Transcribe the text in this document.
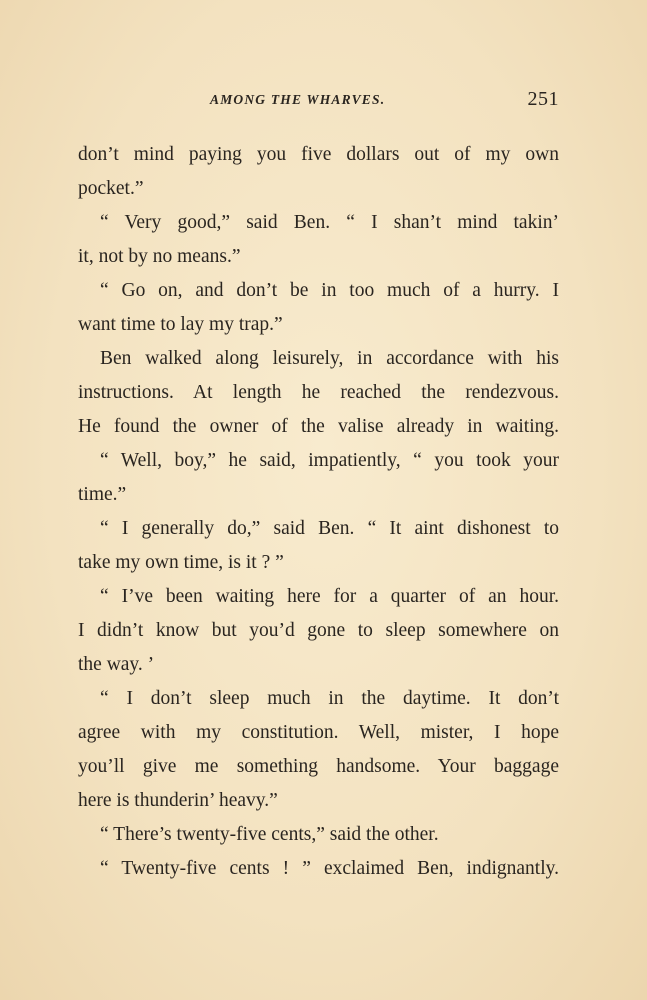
AMONG THE WHARVES.	251
don’t mind paying you five dollars out of my own
pocket.”
“ Very good,” said Ben. “ I shan’t mind takin’
it, not by no means.”
“ Go on, and don’t be in too much of a hurry. I
want time to lay my trap.”
Ben walked along leisurely, in accordance with his
instructions. At length he reached the rendezvous.
He found the owner of the valise already in waiting.
“ Well, boy,” he said, impatiently, “ you took your
time.”
“ I generally do,” said Ben. “ It aint dishonest to
take my own time, is it ? ”
“ I’ve been waiting here for a quarter of an hour.
I didn’t know but you’d gone to sleep somewhere on
the way. ’
“ I don’t sleep much in the daytime. It don’t
agree with my constitution. Well, mister, I hope
you’ll give me something handsome. Your baggage
here is thunderin’ heavy.”
“ There’s twenty-five cents,” said the other.
“ Twenty-five cents ! ” exclaimed Ben, indignantly.
